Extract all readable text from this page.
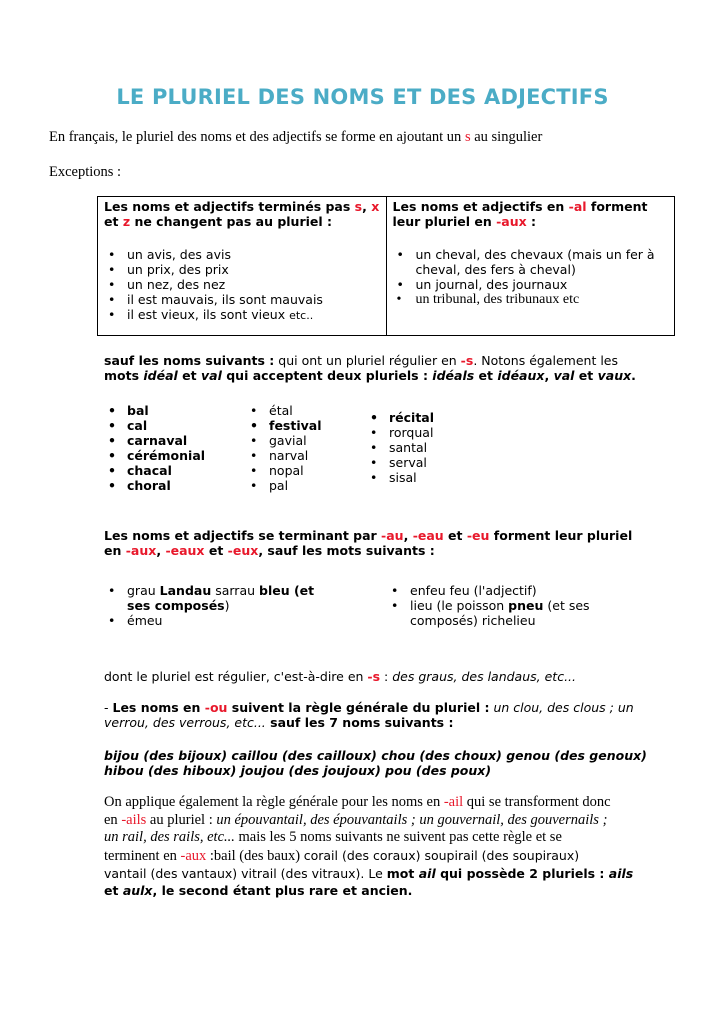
LE PLURIEL DES NOMS ET DES ADJECTIFS
En français, le pluriel des noms et des adjectifs se forme en ajoutant un s au singulier
Exceptions :
Les noms et adjectifs terminés pas s, x
et z ne changent pas au pluriel :
• un avis, des avis
• un prix, des prix
• un nez, des nez
• il est mauvais, ils sont mauvais
• il est vieux, ils sont vieux etc..

Les noms et adjectifs en -al forment leur pluriel en -aux :
• un cheval, des chevaux (mais un fer à cheval, des fers à cheval)
• un journal, des journaux
• un tribunal, des tribunaux etc
sauf les noms suivants : qui ont un pluriel régulier en -s. Notons également les
mots idéal et val qui acceptent deux pluriels : idéals et idéaux, val et vaux.
• bal
• cal
• carnaval
• cérémonial
• chacal
• choral
• étal
• festival
• gavial
• narval
• nopal
• pal
• récital
• rorqual
• santal
• serval
• sisal
Les noms et adjectifs se terminant par -au, -eau et -eu forment leur pluriel
en -aux, -eaux et -eux, sauf les mots suivants :
• grau Landau sarrau bleu (et
ses composés)
• émeu
• enfeu feu (l'adjectif)
• lieu (le poisson pneu (et ses
composés) richelieu
dont le pluriel est régulier, c'est-à-dire en -s : des graus, des landaus, etc...
- Les noms en -ou suivent la règle générale du pluriel : un clou, des clous ; un
verrou, des verrous, etc... sauf les 7 noms suivants :
bijou (des bijoux) caillou (des cailloux) chou (des choux) genou (des genoux)
hibou (des hiboux) joujou (des joujoux) pou (des poux)
On applique également la règle générale pour les noms en -ail qui se transforment donc
en -ails au pluriel : un épouvantail, des épouvantails ; un gouvernail, des gouvernails ;
un rail, des rails, etc... mais les 5 noms suivants ne suivent pas cette règle et se
terminent en -aux :bail (des baux) corail (des coraux) soupirail (des soupiraux)
vantail (des vantaux) vitrail (des vitraux). Le mot ail qui possède 2 pluriels : ails
et aulx, le second étant plus rare et ancien.
